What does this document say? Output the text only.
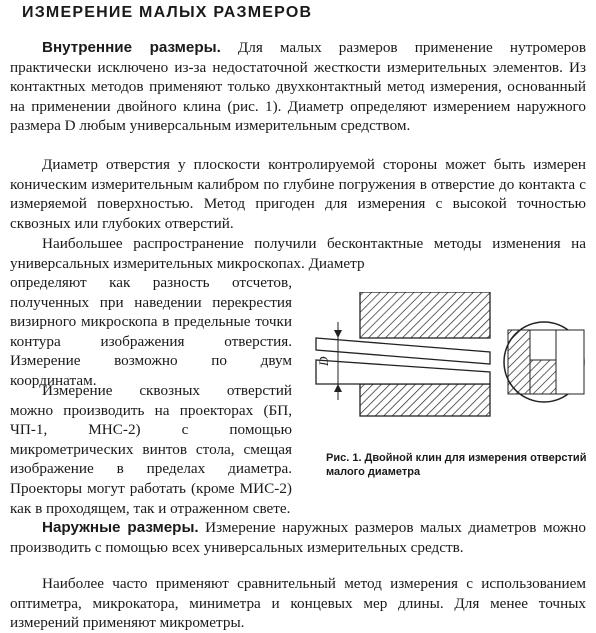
ИЗМЕРЕНИЕ МАЛЫХ РАЗМЕРОВ

Внутренние размеры. Для малых размеров применение нутромеров практически исключено из-за недостаточной жесткости измерительных элементов. Из контактных методов применяют только двухконтактный метод измерения, основанный на применении двойного клина (рис. 1). Диаметр определяют измерением наружного размера D любым универсальным измерительным средством.

Диаметр отверстия у плоскости контролируемой стороны может быть измерен коническим измерительным калибром по глубине погружения в отверстие до контакта с измеряемой поверхностью. Метод пригоден для измерения с высокой точностью сквозных или глубоких отверстий.

Наибольшее распространение получили бесконтактные методы изменения на универсальных измерительных микроскопах. Диаметр

определяют как разность отсчетов, полученных при наведении перекрестия визирного микроскопа в предельные точки контура изображения отверстия. Измерение возможно по двум координатам.

Измерение сквозных отверстий можно производить на проекторах (БП, ЧП-1, МНС-2) с помощью микрометрических винтов стола, смещая изображение в пределах диаметра. Проекторы могут работать (кроме МИС-2) как в проходящем, так и отраженном свете.

Наружные размеры. Измерение наружных размеров малых диаметров можно производить с помощью всех универсальных измерительных средств.

Наиболее часто применяют сравнительный метод измерения с использованием оптиметра, микрокатора, миниметра и концевых мер длины. Для менее точных измерений применяют микрометры.

D
Рис. 1. Двойной клин для измерения отверстий малого диаметра
